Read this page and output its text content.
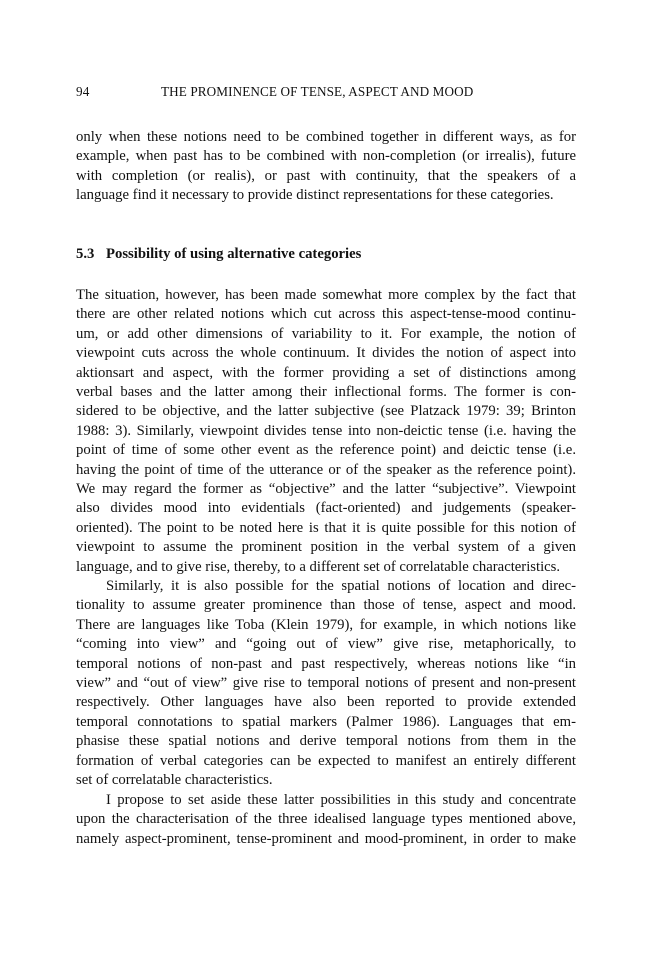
94	THE PROMINENCE OF TENSE, ASPECT AND MOOD

only when these notions need to be combined together in different ways, as for
example, when past has to be combined with non-completion (or irrealis), future
with completion (or realis), or past with continuity, that the speakers of a
language find it necessary to provide distinct representations for these categories.

5.3 Possibility of using alternative categories

The situation, however, has been made somewhat more complex by the fact that
there are other related notions which cut across this aspect-tense-mood continu-
um, or add other dimensions of variability to it. For example, the notion of
viewpoint cuts across the whole continuum. It divides the notion of aspect into
aktionsart and aspect, with the former providing a set of distinctions among
verbal bases and the latter among their inflectional forms. The former is con-
sidered to be objective, and the latter subjective (see Platzack 1979: 39; Brinton
1988: 3). Similarly, viewpoint divides tense into non-deictic tense (i.e. having the
point of time of some other event as the reference point) and deictic tense (i.e.
having the point of time of the utterance or of the speaker as the reference point).
We may regard the former as “objective” and the latter “subjective”. Viewpoint
also divides mood into evidentials (fact-oriented) and judgements (speaker-
oriented). The point to be noted here is that it is quite possible for this notion of
viewpoint to assume the prominent position in the verbal system of a given
language, and to give rise, thereby, to a different set of correlatable characteristics.

Similarly, it is also possible for the spatial notions of location and direc-
tionality to assume greater prominence than those of tense, aspect and mood.
There are languages like Toba (Klein 1979), for example, in which notions like
“coming into view” and “going out of view” give rise, metaphorically, to
temporal notions of non-past and past respectively, whereas notions like “in
view” and “out of view” give rise to temporal notions of present and non-present
respectively. Other languages have also been reported to provide extended
temporal connotations to spatial markers (Palmer 1986). Languages that em-
phasise these spatial notions and derive temporal notions from them in the
formation of verbal categories can be expected to manifest an entirely different
set of correlatable characteristics.

I propose to set aside these latter possibilities in this study and concentrate
upon the characterisation of the three idealised language types mentioned above,
namely aspect-prominent, tense-prominent and mood-prominent, in order to make
